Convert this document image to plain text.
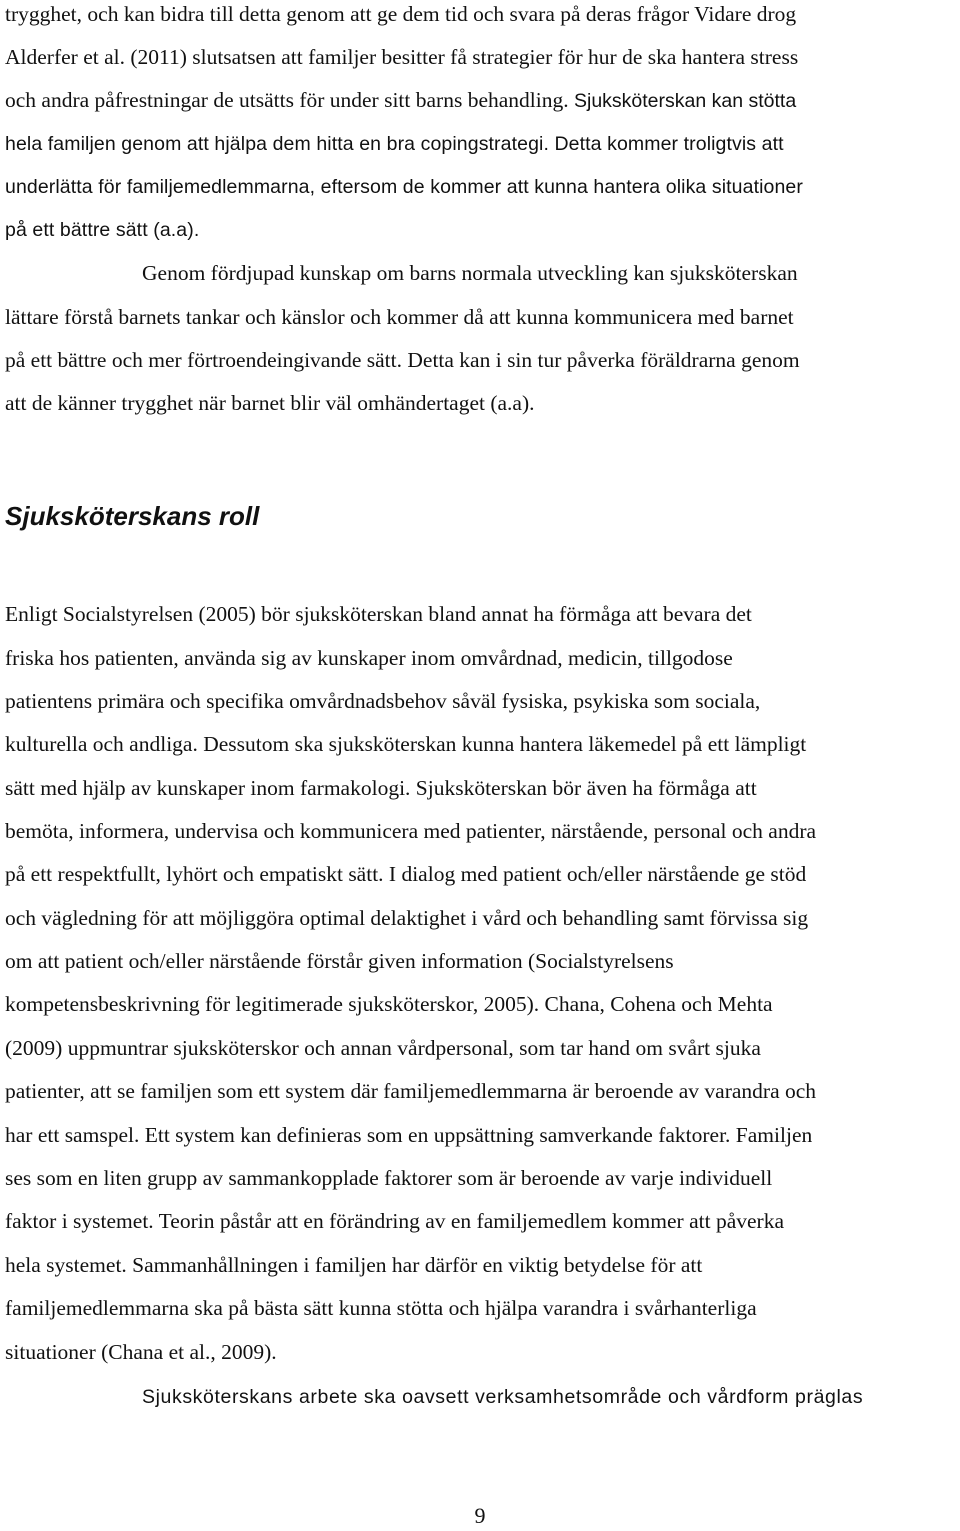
trygghet, och kan bidra till detta genom att ge dem tid och svara på deras frågor Vidare drog
Alderfer et al. (2011) slutsatsen att familjer besitter få strategier för hur de ska hantera stress
och andra påfrestningar de utsätts för under sitt barns behandling. Sjuksköterskan kan stötta
hela familjen genom att hjälpa dem hitta en bra copingstrategi. Detta kommer troligtvis att
underlätta för familjemedlemmarna, eftersom de kommer att kunna hantera olika situationer
på ett bättre sätt (a.a).
Genom fördjupad kunskap om barns normala utveckling kan sjuksköterskan
lättare förstå barnets tankar och känslor och kommer då att kunna kommunicera med barnet
på ett bättre och mer förtroendeingivande sätt. Detta kan i sin tur påverka föräldrarna genom
att de känner trygghet när barnet blir väl omhändertaget (a.a).
Sjuksköterskans roll
Enligt Socialstyrelsen (2005) bör sjuksköterskan bland annat ha förmåga att bevara det
friska hos patienten, använda sig av kunskaper inom omvårdnad, medicin, tillgodose
patientens primära och specifika omvårdnadsbehov såväl fysiska, psykiska som sociala,
kulturella och andliga. Dessutom ska sjuksköterskan kunna hantera läkemedel på ett lämpligt
sätt med hjälp av kunskaper inom farmakologi. Sjuksköterskan bör även ha förmåga att
bemöta, informera, undervisa och kommunicera med patienter, närstående, personal och andra
på ett respektfullt, lyhört och empatiskt sätt. I dialog med patient och/eller närstående ge stöd
och vägledning för att möjliggöra optimal delaktighet i vård och behandling samt förvissa sig
om att patient och/eller närstående förstår given information (Socialstyrelsens
kompetensbeskrivning för legitimerade sjuksköterskor, 2005). Chana, Cohena och Mehta
(2009) uppmuntrar sjuksköterskor och annan vårdpersonal, som tar hand om svårt sjuka
patienter, att se familjen som ett system där familjemedlemmarna är beroende av varandra och
har ett samspel. Ett system kan definieras som en uppsättning samverkande faktorer. Familjen
ses som en liten grupp av sammankopplade faktorer som är beroende av varje individuell
faktor i systemet. Teorin påstår att en förändring av en familjemedlem kommer att påverka
hela systemet. Sammanhållningen i familjen har därför en viktig betydelse för att
familjemedlemmarna ska på bästa sätt kunna stötta och hjälpa varandra i svårhanterliga
situationer (Chana et al., 2009).
Sjuksköterskans arbete ska oavsett verksamhetsområde och vårdform präglas
9
